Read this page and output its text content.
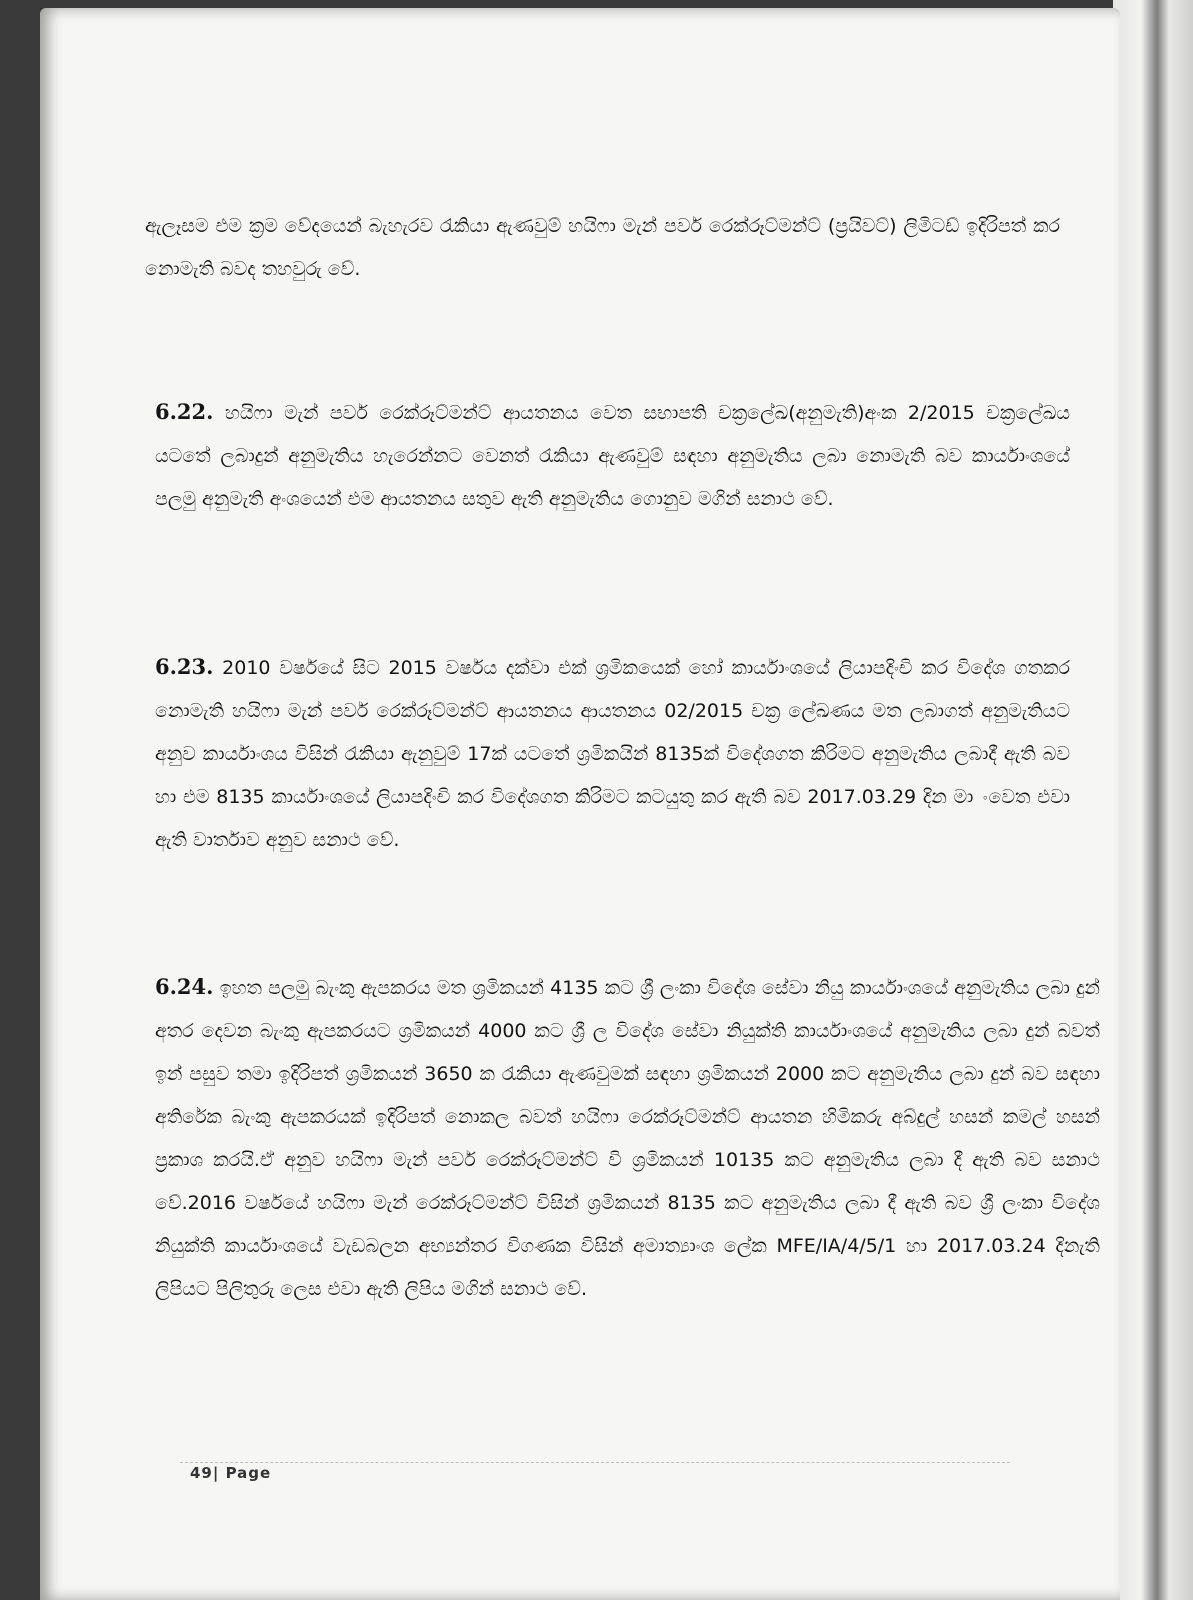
ඇලෑසම එම ක්‍රම වේදයෙන් බැහැරව රැකියා ඇණවුම් හයිෆා මැන් පවර් රෙක්රූට්මන්ට් (ප්‍රයිවට්) ලිමිටඩ් ඉදිරිපත් කර නොමැති බවද තහවුරු වේ.
6.22. හයිෆා මැන් පවර් රෙක්රූට්මන්ට් ආයතනය වෙත සභාපති චක්‍රලේඛ(අනුමැති)අංක 2/2015 චක්‍රලේඛය යටතේ ලබාදුන් අනුමැතිය හැරෙන්නට වෙනත් රැකියා ඇණවුම් සඳහා අනුමැතිය ලබා නොමැති බව කාර්යාංශයේ පලමු අනුමැති අංශයෙන් එම ආයතනය සතුව ඇති අනුමැතිය ගොනුව මගින් සනාථ වේ.
6.23. 2010 වර්ෂයේ සිට 2015 වර්ෂය දක්වා එක් ශ්‍රමිකයෙක් හෝ කාර්යාංශයේ ලියාපදිංචි කර විදේශ ගතකර නොමැති හයිෆා මැන් පවර් රෙක්රූට්මන්ට් ආයතනය ආයතනය 02/2015 චක්‍ර ලේඛණය මත ලබාගත් අනුමැතියට අනුව කාර්යාංශය විසින් රැකියා ඇනුවුම් 17ක් යටතේ ශ්‍රමිකයින් 8135ක් විදේශගත කිරිමට අනුමැතිය ලබාදී ඇති බව හා එම 8135 කාර්යාංශයේ ලියාපදිංචි කර විදේශගත කිරිමට කටයුතු කර ඇති බව 2017.03.29 දින මා ංවෙත එවා ඇති වාර්තාව අනුව සනාථ වේ.
6.24. ඉහත පලමු බැංකු ඇපකරය මත ශ්‍රමිකයන් 4135 කට ශ්‍රී ලංකා විදේශ සේවා නියු කාර්යාංශයේ අනුමැතිය ලබා දුන් අතර දෙවන බැංකු ඇපකරයට ශ්‍රමිකයන් 4000 කට ශ්‍රී ල විදේශ සේවා නියුක්ති කාර්යාංශයේ අනුමැතිය ලබා දුන් බවත් ඉන් පසුව තමා ඉදිරිපත් ශ්‍රමිකයන් 3650 ක රැකියා ඇණවුමක් සඳහා ශ්‍රමිකයන් 2000 කට අනුමැතිය ලබා දුන් බව සඳහා අතිරේක බැංකු ඇපකරයක් ඉදිරිපත් නොකල බවත් හයිෆා රෙක්රූට්මන්ට් ආයතන හිමිකරු අබ්දුල් හසන් කමල් හසන් ප්‍රකාශ කරයි.ඒ අනුව හයිෆා මැන් පවර් රෙක්රූට්මන්ට් වි ශ්‍රමිකයන් 10135 කට අනුමැතිය ලබා දී ඇති බව සනාථ වේ.2016 වර්ෂයේ හයිෆා මැන් රෙක්රූට්මන්ට් විසින් ශ්‍රමිකයන් 8135 කට අනුමැතිය ලබා දී ඇති බව ශ්‍රී ලංකා විදේශ නියුක්ති කාර්යාංශයේ වැඩබලන අභ්‍යන්තර විගණක විසින් අමාත්‍යාංශ ලේක MFE/IA/4/5/1 හා 2017.03.24 දිනැති ලිපියට පිලිතුරු ලෙස එවා ඇති ලිපිය මගින් සනාථ වේ.
49| Page
